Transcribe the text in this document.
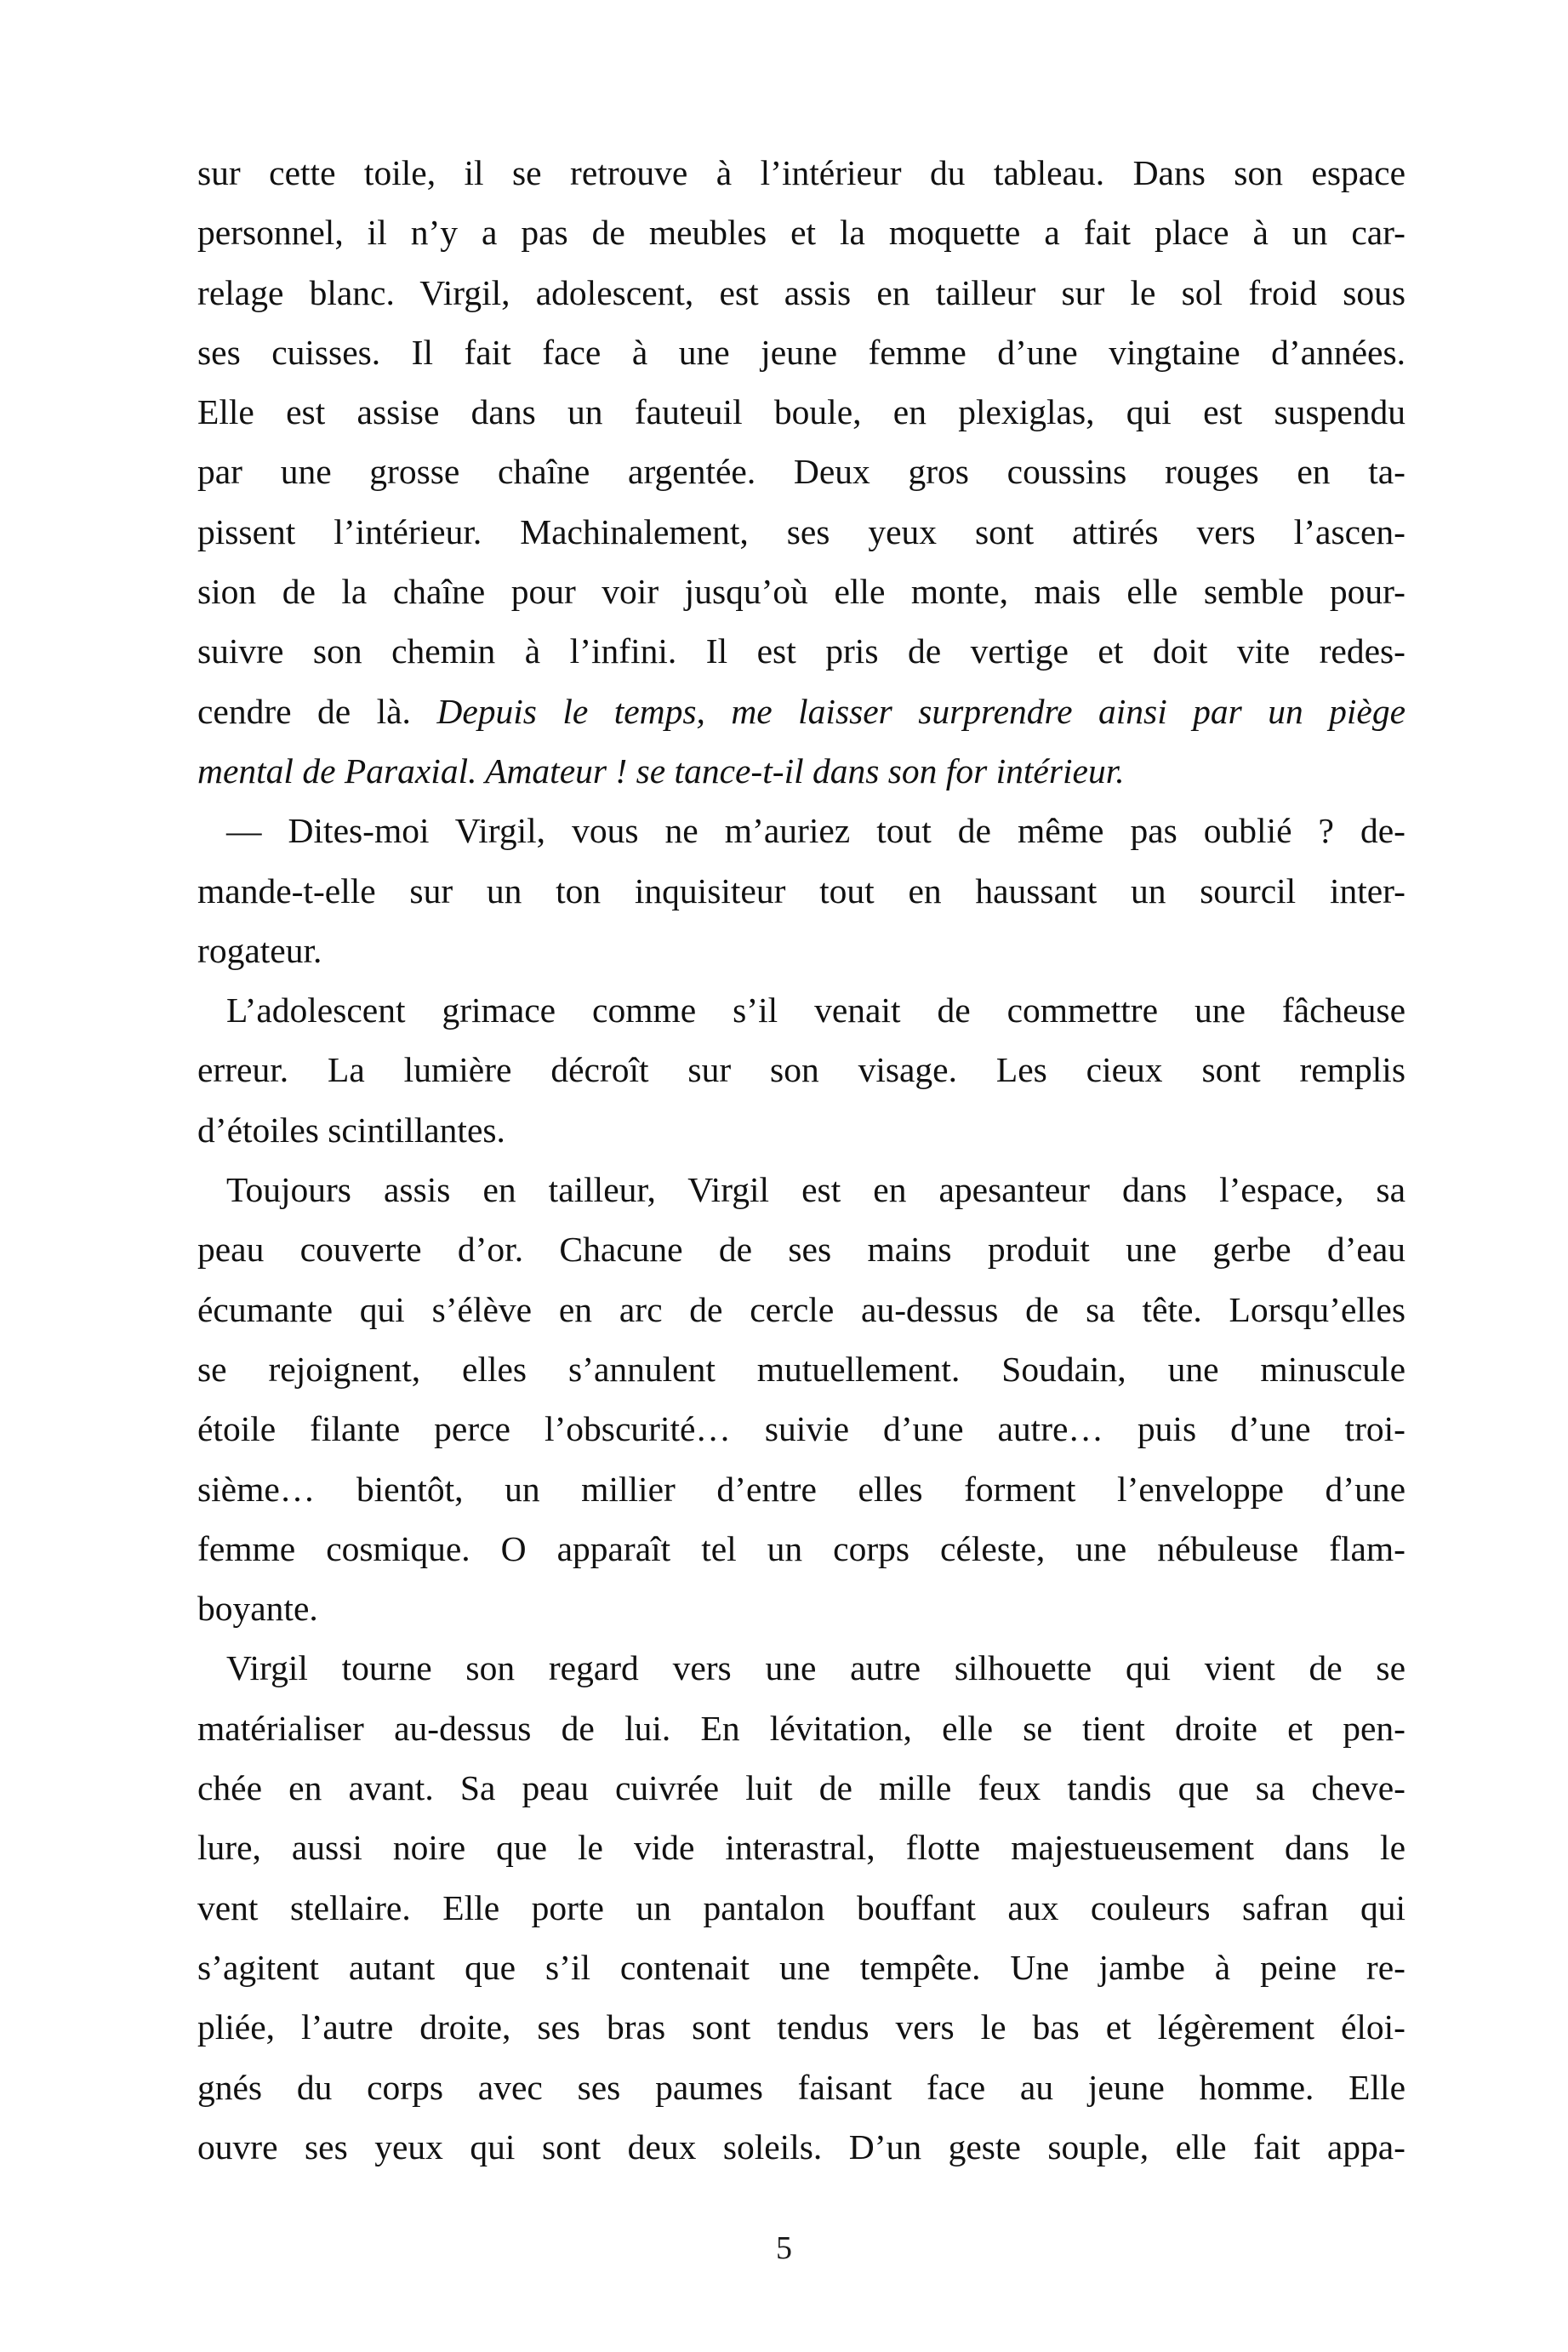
sur cette toile, il se retrouve à l’intérieur du tableau. Dans son espace
personnel, il n’y a pas de meubles et la moquette a fait place à un car-
relage blanc. Virgil, adolescent, est assis en tailleur sur le sol froid sous
ses cuisses. Il fait face à une jeune femme d’une vingtaine d’années.
Elle est assise dans un fauteuil boule, en plexiglas, qui est suspendu
par une grosse chaîne argentée. Deux gros coussins rouges en ta-
pissent l’intérieur. Machinalement, ses yeux sont attirés vers l’ascen-
sion de la chaîne pour voir jusqu’où elle monte, mais elle semble pour-
suivre son chemin à l’infini. Il est pris de vertige et doit vite redes-
cendre de là. Depuis le temps, me laisser surprendre ainsi par un piège
mental de Paraxial. Amateur ! se tance-t-il dans son for intérieur.

— Dites-moi Virgil, vous ne m’auriez tout de même pas oublié ? de-
mande-t-elle sur un ton inquisiteur tout en haussant un sourcil inter-
rogateur.

L’adolescent grimace comme s’il venait de commettre une fâcheuse
erreur. La lumière décroît sur son visage. Les cieux sont remplis
d’étoiles scintillantes.

Toujours assis en tailleur, Virgil est en apesanteur dans l’espace, sa
peau couverte d’or. Chacune de ses mains produit une gerbe d’eau
écumante qui s’élève en arc de cercle au-dessus de sa tête. Lorsqu’elles
se rejoignent, elles s’annulent mutuellement. Soudain, une minuscule
étoile filante perce l’obscurité… suivie d’une autre… puis d’une troi-
sième… bientôt, un millier d’entre elles forment l’enveloppe d’une
femme cosmique. O apparaît tel un corps céleste, une nébuleuse flam-
boyante.

Virgil tourne son regard vers une autre silhouette qui vient de se
matérialiser au-dessus de lui. En lévitation, elle se tient droite et pen-
chée en avant. Sa peau cuivrée luit de mille feux tandis que sa cheve-
lure, aussi noire que le vide interastral, flotte majestueusement dans le
vent stellaire. Elle porte un pantalon bouffant aux couleurs safran qui
s’agitent autant que s’il contenait une tempête. Une jambe à peine re-
pliée, l’autre droite, ses bras sont tendus vers le bas et légèrement éloi-
gnés du corps avec ses paumes faisant face au jeune homme. Elle
ouvre ses yeux qui sont deux soleils. D’un geste souple, elle fait appa-

5
